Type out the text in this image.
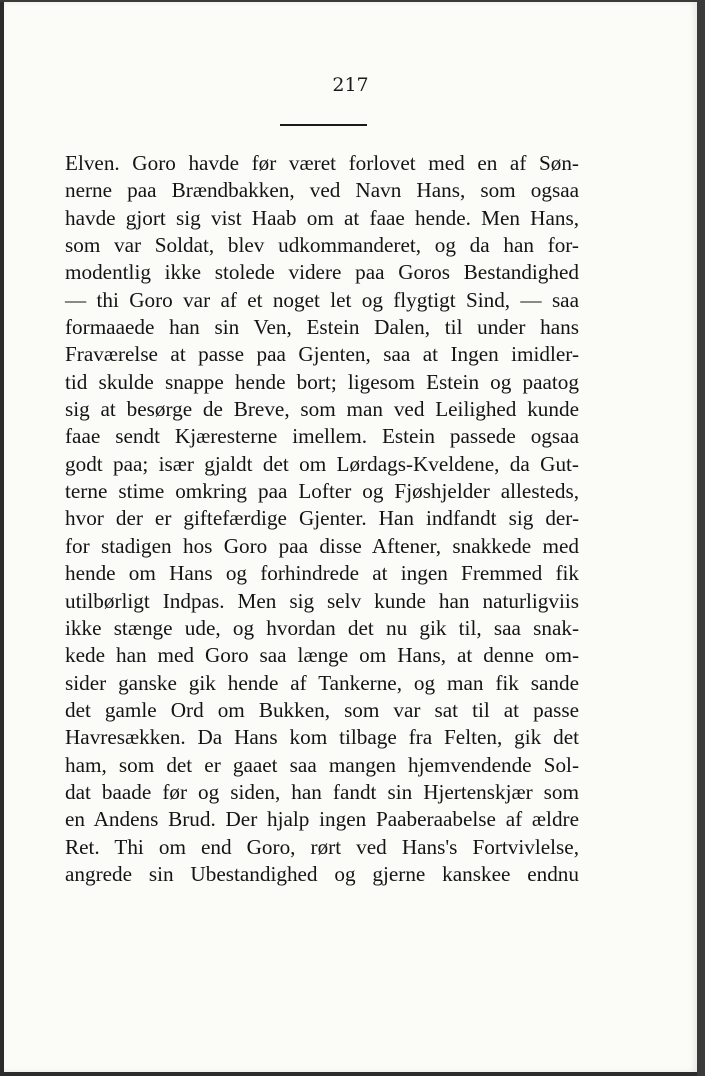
217
Elven. Goro havde før været forlovet med en af Søn-
nerne paa Brændbakken, ved Navn Hans, som ogsaa
havde gjort sig vist Haab om at faae hende. Men Hans,
som var Soldat, blev udkommanderet, og da han for-
modentlig ikke stolede videre paa Goros Bestandighed
— thi Goro var af et noget let og flygtigt Sind, — saa
formaaede han sin Ven, Estein Dalen, til under hans
Fraværelse at passe paa Gjenten, saa at Ingen imidler-
tid skulde snappe hende bort; ligesom Estein og paatog
sig at besørge de Breve, som man ved Leilighed kunde
faae sendt Kjæresterne imellem. Estein passede ogsaa
godt paa; især gjaldt det om Lørdags-Kveldene, da Gut-
terne stime omkring paa Lofter og Fjøshjelder allesteds,
hvor der er giftefærdige Gjenter. Han indfandt sig der-
for stadigen hos Goro paa disse Aftener, snakkede med
hende om Hans og forhindrede at ingen Fremmed fik
utilbørligt Indpas. Men sig selv kunde han naturligviis
ikke stænge ude, og hvordan det nu gik til, saa snak-
kede han med Goro saa længe om Hans, at denne om-
sider ganske gik hende af Tankerne, og man fik sande
det gamle Ord om Bukken, som var sat til at passe
Havresækken. Da Hans kom tilbage fra Felten, gik det
ham, som det er gaaet saa mangen hjemvendende Sol-
dat baade før og siden, han fandt sin Hjertenskjær som
en Andens Brud. Der hjalp ingen Paaberaabelse af ældre
Ret. Thi om end Goro, rørt ved Hans's Fortvivlelse,
angrede sin Ubestandighed og gjerne kanskee endnu
